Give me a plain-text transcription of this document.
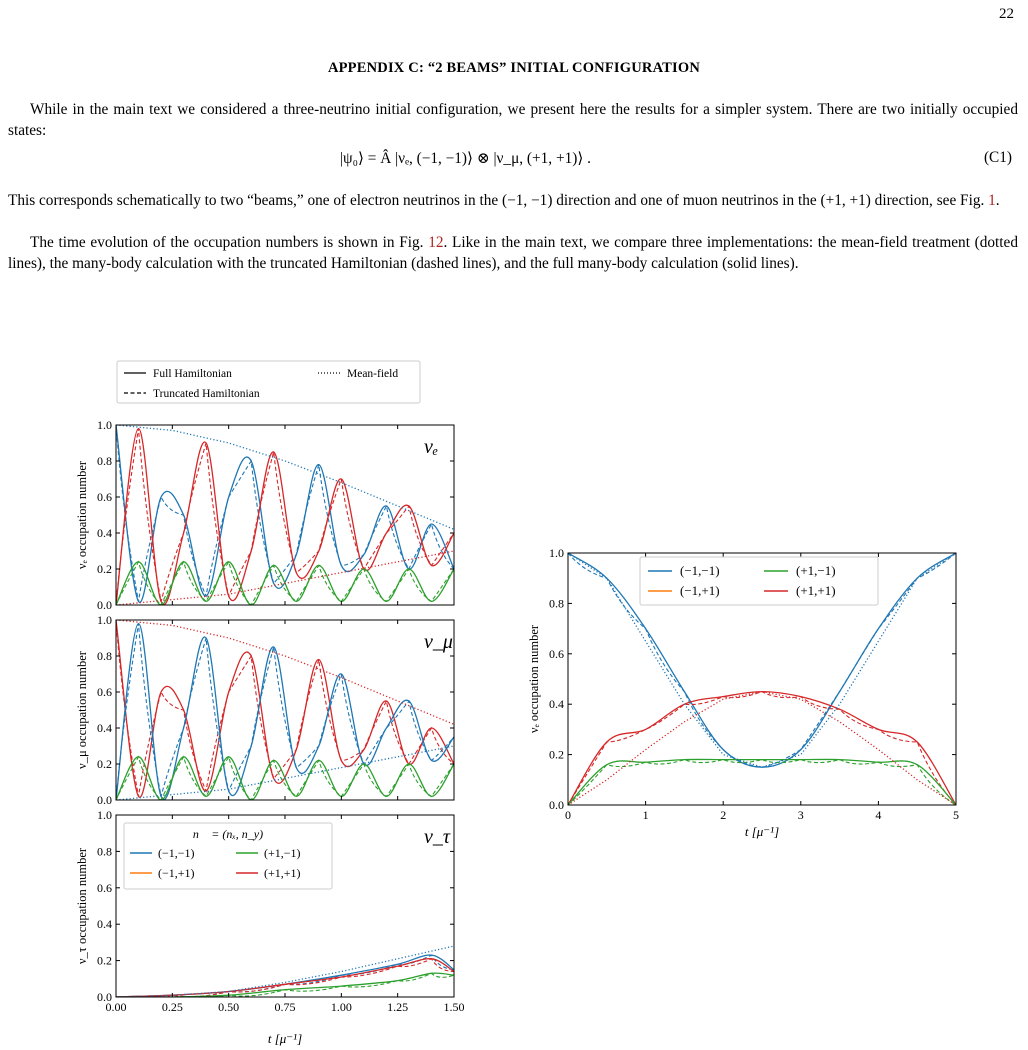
22
APPENDIX C: “2 BEAMS” INITIAL CONFIGURATION
While in the main text we considered a three-neutrino initial configuration, we present here the results for a simpler system. There are two initially occupied states:
|ψ₀⟩ = Â |νₑ, (−1, −1)⟩ ⊗ |ν_μ, (+1, +1)⟩ .	(C1)
This corresponds schematically to two “beams,” one of electron neutrinos in the (−1, −1) direction and one of muon neutrinos in the (+1, +1) direction, see Fig. 1.
The time evolution of the occupation numbers is shown in Fig. 12. Like in the main text, we compare three implementations: the mean-field treatment (dotted lines), the many-body calculation with the truncated Hamiltonian (dashed lines), and the full many-body calculation (solid lines).
Full Hamiltonian	Mean-field
Truncated Hamiltonian
0.0
0.2
0.4
0.6
0.8
1.0
νₑ occupation number
νₑ
0.0
0.2
0.4
0.6
0.8
1.0
ν_μ occupation number
ν_μ
0.0
0.2
0.4
0.6
0.8
1.0
0.00	0.25	0.50	0.75	1.00	1.25	1.50
ν_τ occupation number
ν_τ
n⃗ = (nₓ, n_y)
(−1,−1)	(+1,−1)
(−1,+1)	(+1,+1)
t [μ⁻¹]
0.0
0.2
0.4
0.6
0.8
1.0
0	1	2	3	4	5
νₑ occupation number
(−1,−1)	(+1,−1)
(−1,+1)	(+1,+1)
t [μ⁻¹]
